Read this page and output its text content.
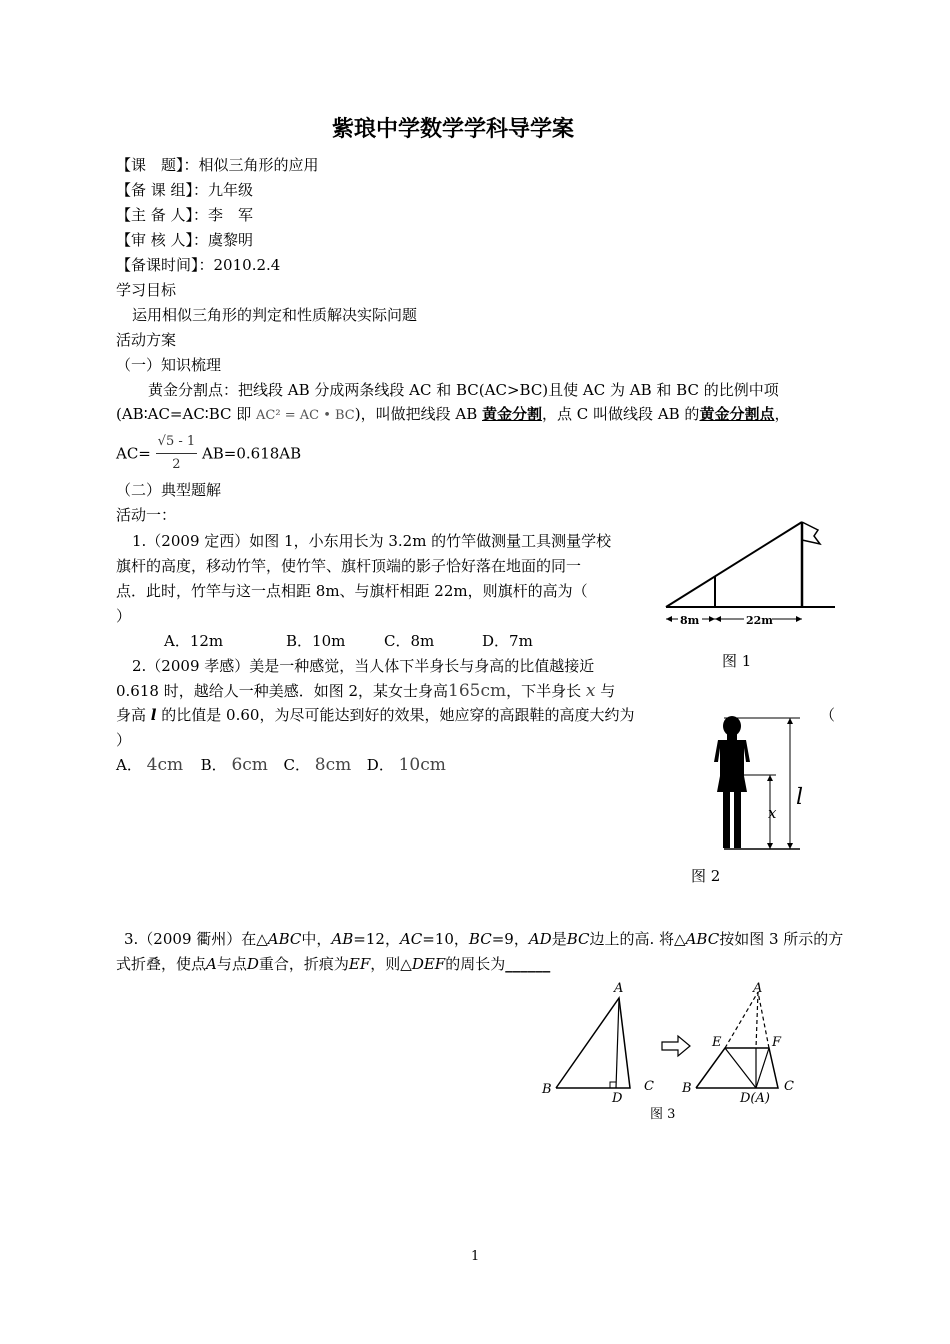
紫琅中学数学学科导学案
【课　题】：相似三角形的应用
【备 课 组】：九年级
【主 备 人】：李　军
【审 核 人】：虞黎明
【备课时间】：2010.2.4
学习目标
运用相似三角形的判定和性质解决实际问题
活动方案
（一）知识梳理
黄金分割点：把线段 AB 分成两条线段 AC 和 BC(AC>BC)且使 AC 为 AB 和 BC 的比例中项
(AB∶AC=AC∶BC 即 AC² = AC • BC)，叫做把线段 AB 黄金分割，点 C 叫做线段 AB 的黄金分割点，
$AC= \frac{√5 - 1}{2} AB=0.618AB$
（二）典型题解
活动一：
1.（2009 定西）如图 1，小东用长为 3.2m 的竹竿做测量工具测量学校
旗杆的高度，移动竹竿，使竹竿、旗杆顶端的影子恰好落在地面的同一
点．此时，竹竿与这一点相距 8m、与旗杆相距 22m，则旗杆的高为（
）
A．12m	B．10m	C．8m	D．7m
8m	22m
图 1
2.（2009 孝感）美是一种感觉，当人体下半身长与身高的比值越接近
0.618 时，越给人一种美感．如图 2，某女士身高165cm，下半身长 x 与
身高 l 的比值是 0.60，为尽可能达到好的效果，她应穿的高跟鞋的高度大约为	（
）
A． 4cm B． 6cm C． 8cm D． 10cm
x
l
图 2
3.（2009 衢州）在△ABC中，AB=12，AC=10，BC=9，AD是BC边上的高. 将△ABC按如图 3 所示的方
式折叠，使点A与点D重合，折痕为EF，则△DEF的周长为______
A
B	C
D
A
E	F
B	C
D(A)
图 3
1
